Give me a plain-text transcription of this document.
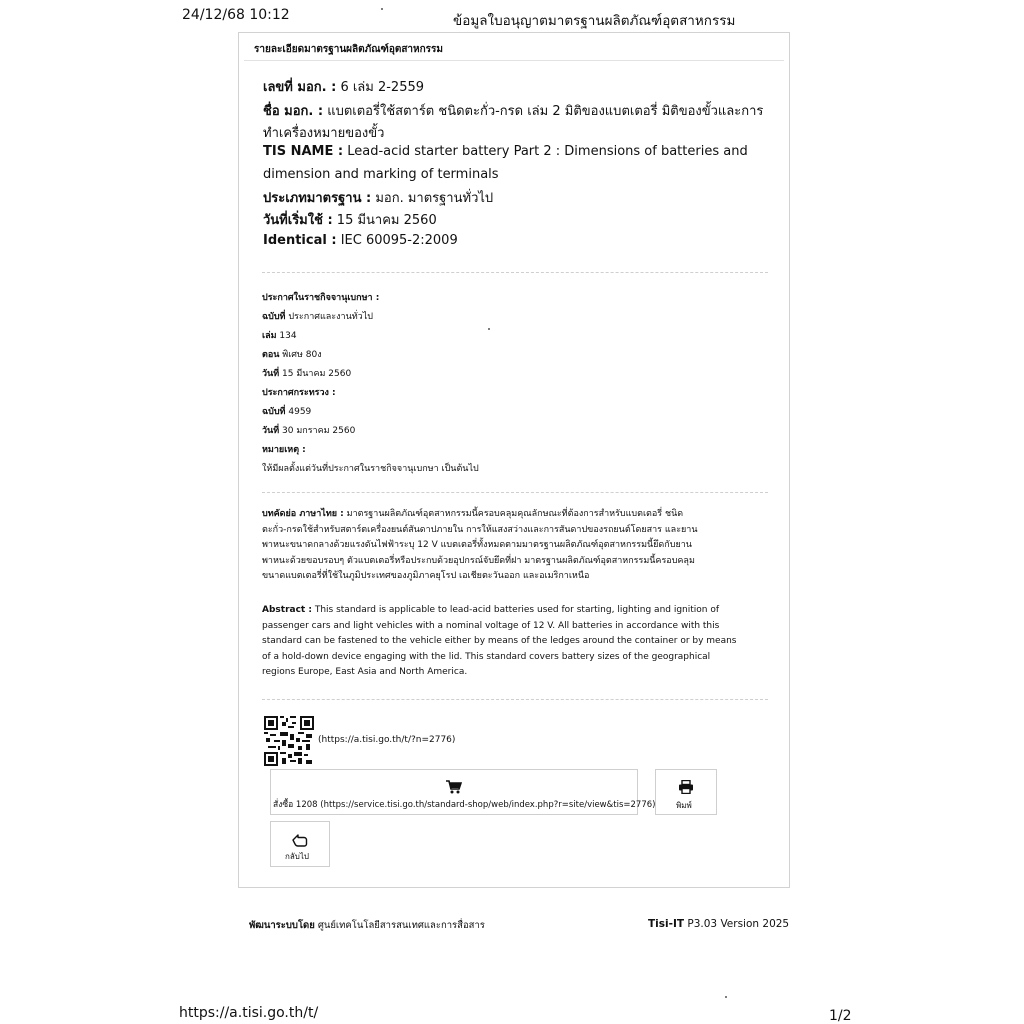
24/12/68 10:12	ข้อมูลใบอนุญาตมาตรฐานผลิตภัณฑ์อุตสาหกรรม
รายละเอียดมาตรฐานผลิตภัณฑ์อุตสาหกรรม
เลขที่ มอก. : 6 เล่ม 2-2559
ชื่อ มอก. : แบตเตอรี่ใช้สตาร์ต ชนิดตะกั่ว-กรด เล่ม 2 มิติของแบตเตอรี่ มิติของขั้วและการ
ทำเครื่องหมายของขั้ว
TIS NAME : Lead-acid starter battery Part 2 : Dimensions of batteries and
dimension and marking of terminals
ประเภทมาตรฐาน : มอก. มาตรฐานทั่วไป
วันที่เริ่มใช้ : 15 มีนาคม 2560
Identical : IEC 60095-2:2009
ประกาศในราชกิจจานุเบกษา :
ฉบับที่ ประกาศและงานทั่วไป
เล่ม 134
ตอน พิเศษ 80ง
วันที่ 15 มีนาคม 2560
ประกาศกระทรวง :
ฉบับที่ 4959
วันที่ 30 มกราคม 2560
หมายเหตุ :
ให้มีผลตั้งแต่วันที่ประกาศในราชกิจจานุเบกษา เป็นต้นไป
บทคัดย่อ ภาษาไทย : มาตรฐานผลิตภัณฑ์อุตสาหกรรมนี้ครอบคลุมคุณลักษณะที่ต้องการสำหรับแบตเตอรี่ ชนิด
ตะกั่ว-กรดใช้สำหรับสตาร์ตเครื่องยนต์สันดาปภายใน การให้แสงสว่างและการสันดาปของรถยนต์โดยสาร และยาน
พาหนะขนาดกลางด้วยแรงดันไฟฟ้าระบุ 12 V แบตเตอรี่ทั้งหมดตามมาตรฐานผลิตภัณฑ์อุตสาหกรรมนี้ยึดกับยาน
พาหนะด้วยขอบรอบๆ ตัวแบตเตอรี่หรือประกบด้วยอุปกรณ์จับยึดที่ฝา มาตรฐานผลิตภัณฑ์อุตสาหกรรมนี้ครอบคลุม
ขนาดแบตเตอรี่ที่ใช้ในภูมิประเทศของภูมิภาคยุโรป เอเชียตะวันออก และอเมริกาเหนือ
Abstract : This standard is applicable to lead-acid batteries used for starting, lighting and ignition of
passenger cars and light vehicles with a nominal voltage of 12 V. All batteries in accordance with this
standard can be fastened to the vehicle either by means of the ledges around the container or by means
of a hold-down device engaging with the lid. This standard covers battery sizes of the geographical
regions Europe, East Asia and North America.
(https://a.tisi.go.th/t/?n=2776)
สั่งซื้อ 1208 (https://service.tisi.go.th/standard-shop/web/index.php?r=site/view&tis=2776)	พิมพ์
กลับไป
พัฒนาระบบโดย ศูนย์เทคโนโลยีสารสนเทศและการสื่อสาร	Tisi-IT P3.03 Version 2025
https://a.tisi.go.th/t/	1/2
